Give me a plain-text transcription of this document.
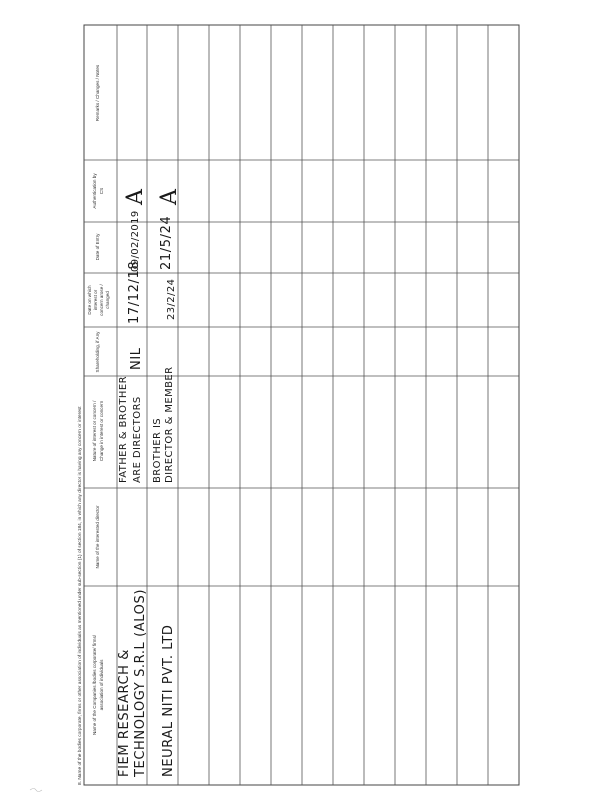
8. Name of the bodies corporate, firms or other association of individuals as mentioned under sub-section (1) of section 184, in which any director is having any concern or interest Name of the Companies /bodies corporate/ firms/ association of individuals
Name of the interested director
Nature of interest or concern / Change in interest or concern
Shareholding, if Any
Date on which interest or concern arose / changed
Date of Entry
Authentication by CS
Remarks / Changes / Notes
FIEM RESEARCH & TECHNOLOGY S.R.L (ALOS)
FATHER & BROTHER ARE DIRECTORS
NIL
17/12/18
09/02/2019
A
NEURAL NITI PVT. LTD
BROTHER IS DIRECTOR & MEMBER
23/2/24
21/5/24
A
